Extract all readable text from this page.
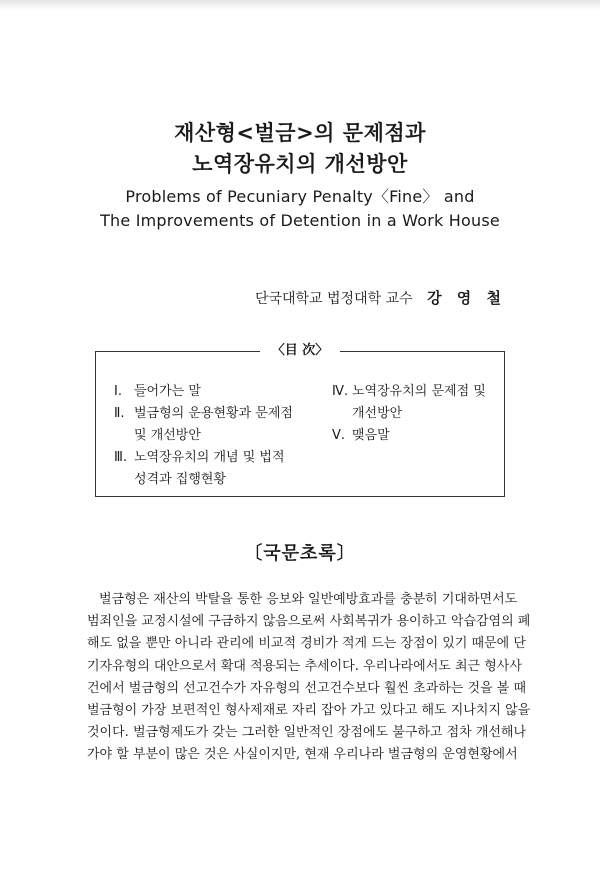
재산형<벌금>의 문제점과

노역장유치의 개선방안

Problems of Pecuniary Penalty〈Fine〉 and

The Improvements of Detention in a Work House

단국대학교 법정대학 교수 강 영 철
Ⅰ. 들어가는 말
Ⅱ. 벌금형의 운용현황과 문제점
및 개선방안
Ⅲ. 노역장유치의 개념 및 법적
성격과 집행현황
Ⅳ. 노역장유치의 문제점 및
개선방안
Ⅴ. 맺음말
〈目 次〉
〔국문초록〕
벌금형은 재산의 박탈을 통한 응보와 일반예방효과를 충분히 기대하면서도
범죄인을 교정시설에 구금하지 않음으로써 사회복귀가 용이하고 악습감염의 폐
해도 없을 뿐만 아니라 관리에 비교적 경비가 적게 드는 장점이 있기 때문에 단
기자유형의 대안으로서 확대 적용되는 추세이다. 우리나라에서도 최근 형사사
건에서 벌금형의 선고건수가 자유형의 선고건수보다 훨씬 초과하는 것을 볼 때
벌금형이 가장 보편적인 형사제재로 자리 잡아 가고 있다고 해도 지나치지 않을
것이다. 벌금형제도가 갖는 그러한 일반적인 장점에도 불구하고 점차 개선해나
가야 할 부분이 많은 것은 사실이지만, 현재 우리나라 벌금형의 운영현황에서
